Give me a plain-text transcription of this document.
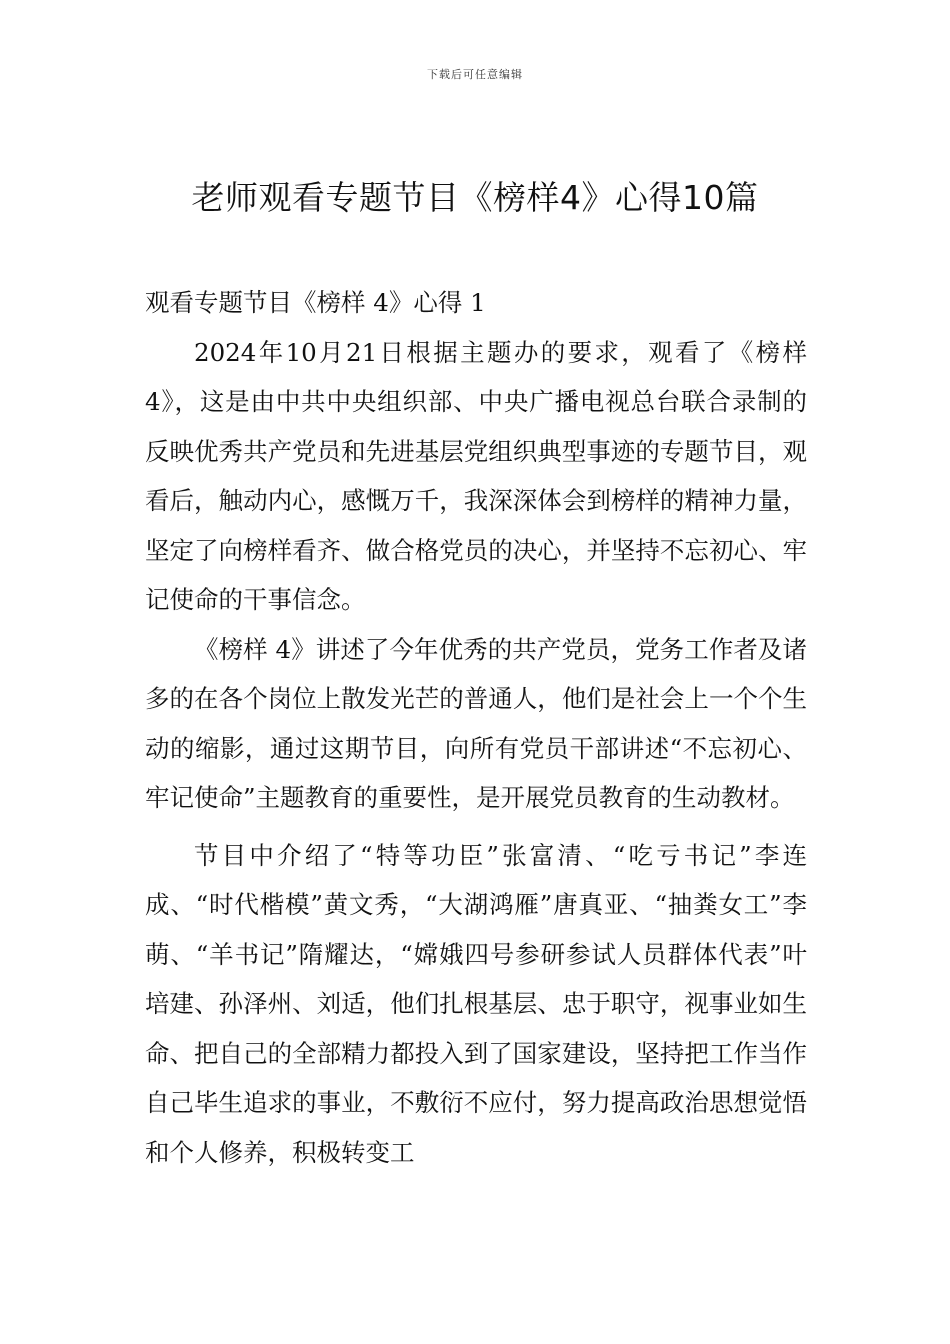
下载后可任意编辑
老师观看专题节目《榜样4》心得10篇

观看专题节目《榜样 4》心得 1

2024年10月21日根据主题办的要求，观看了《榜样4》，这是由中共中央组织部、中央广播电视总台联合录制的反映优秀共产党员和先进基层党组织典型事迹的专题节目，观看后，触动内心，感慨万千，我深深体会到榜样的精神力量，坚定了向榜样看齐、做合格党员的决心，并坚持不忘初心、牢记使命的干事信念。

《榜样 4》讲述了今年优秀的共产党员，党务工作者及诸多的在各个岗位上散发光芒的普通人，他们是社会上一个个生动的缩影，通过这期节目，向所有党员干部讲述“不忘初心、牢记使命”主题教育的重要性，是开展党员教育的生动教材。

节目中介绍了“特等功臣”张富清、“吃亏书记”李连成、“时代楷模”黄文秀，“大湖鸿雁”唐真亚、“抽粪女工”李萌、“羊书记”隋耀达，“嫦娥四号参研参试人员群体代表”叶培建、孙泽州、刘适，他们扎根基层、忠于职守，视事业如生命、把自己的全部精力都投入到了国家建设，坚持把工作当作自己毕生追求的事业，不敷衍不应付，努力提高政治思想觉悟和个人修养，积极转变工
